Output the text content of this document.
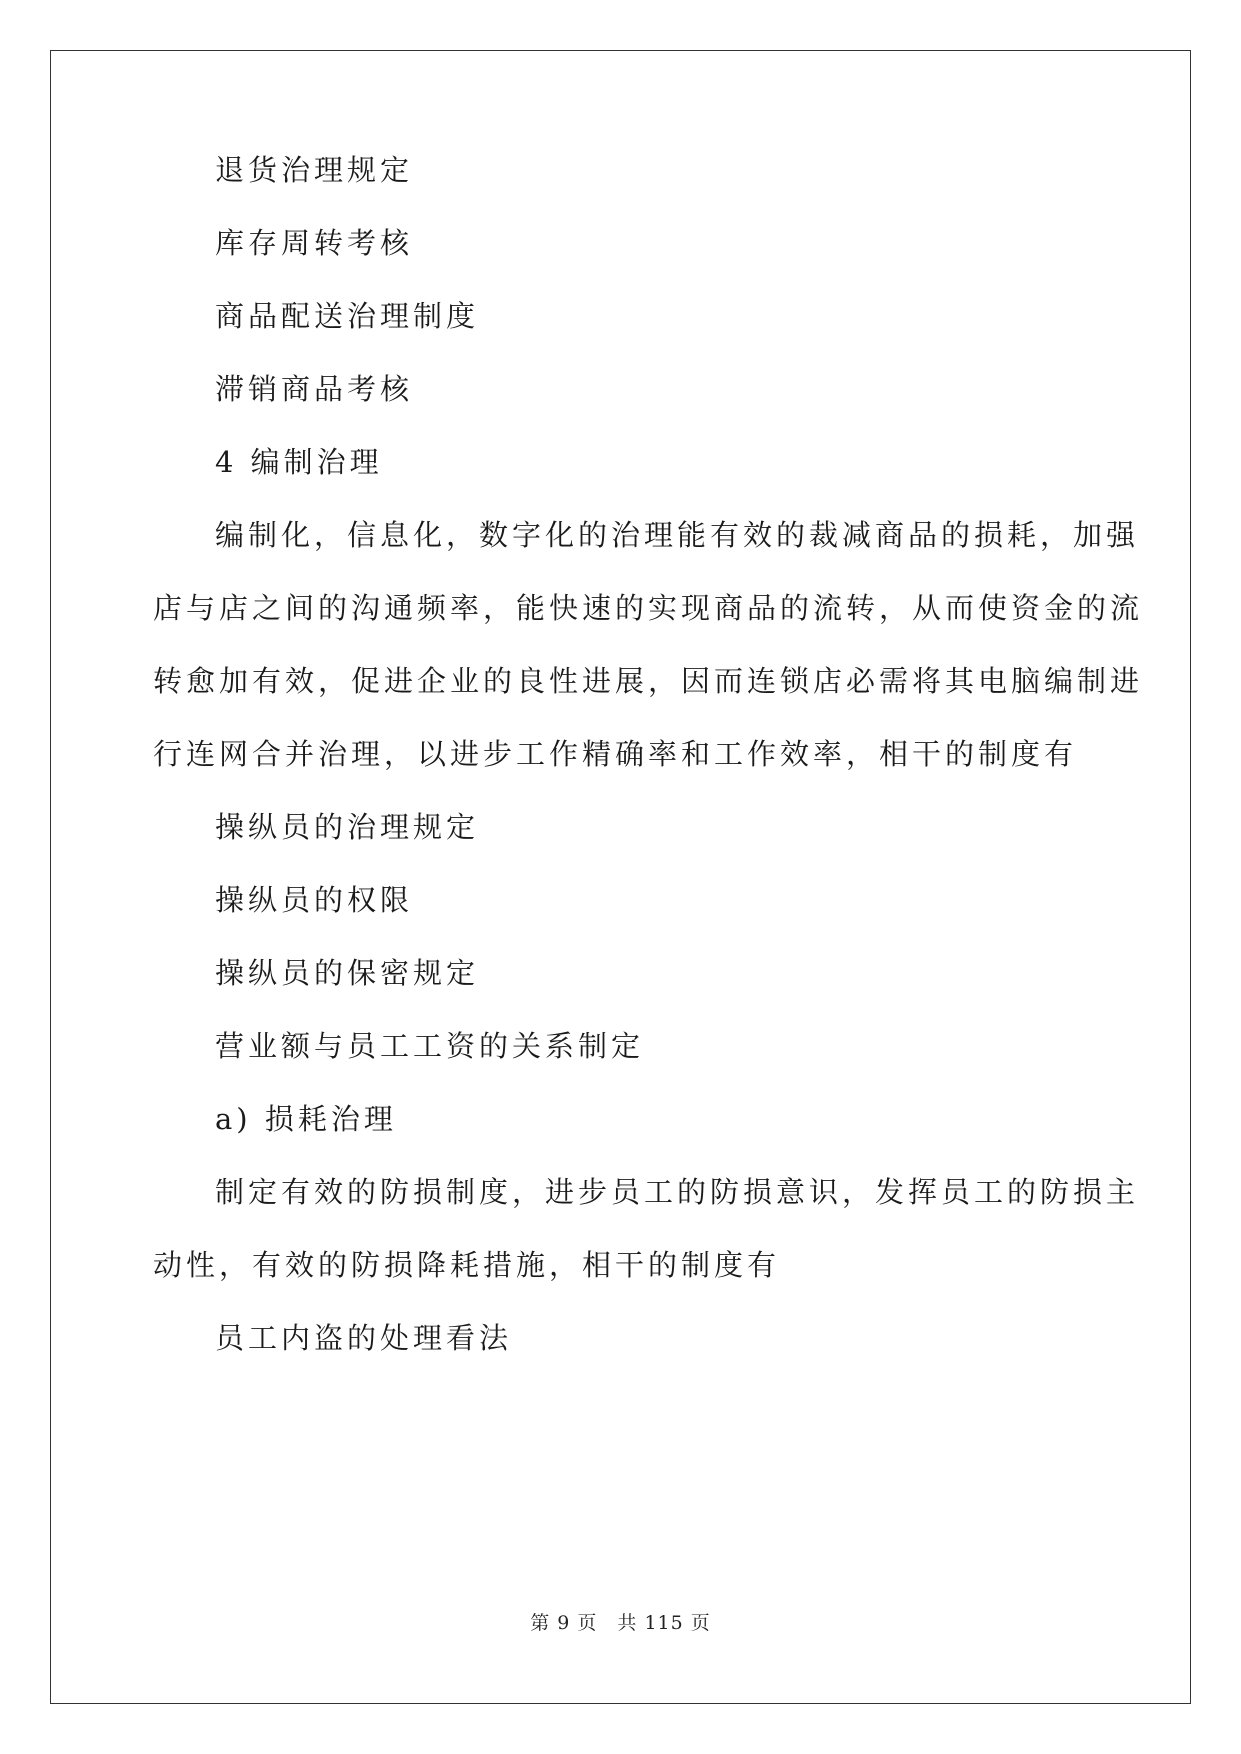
退货治理规定
库存周转考核
商品配送治理制度
滞销商品考核
4 编制治理
编制化，信息化，数字化的治理能有效的裁减商品的损耗，加强
店与店之间的沟通频率，能快速的实现商品的流转，从而使资金的流
转愈加有效，促进企业的良性进展，因而连锁店必需将其电脑编制进
行连网合并治理，以进步工作精确率和工作效率，相干的制度有
操纵员的治理规定
操纵员的权限
操纵员的保密规定
营业额与员工工资的关系制定
a) 损耗治理
制定有效的防损制度，进步员工的防损意识，发挥员工的防损主
动性，有效的防损降耗措施，相干的制度有
员工内盗的处理看法
第 9 页 共 115 页
